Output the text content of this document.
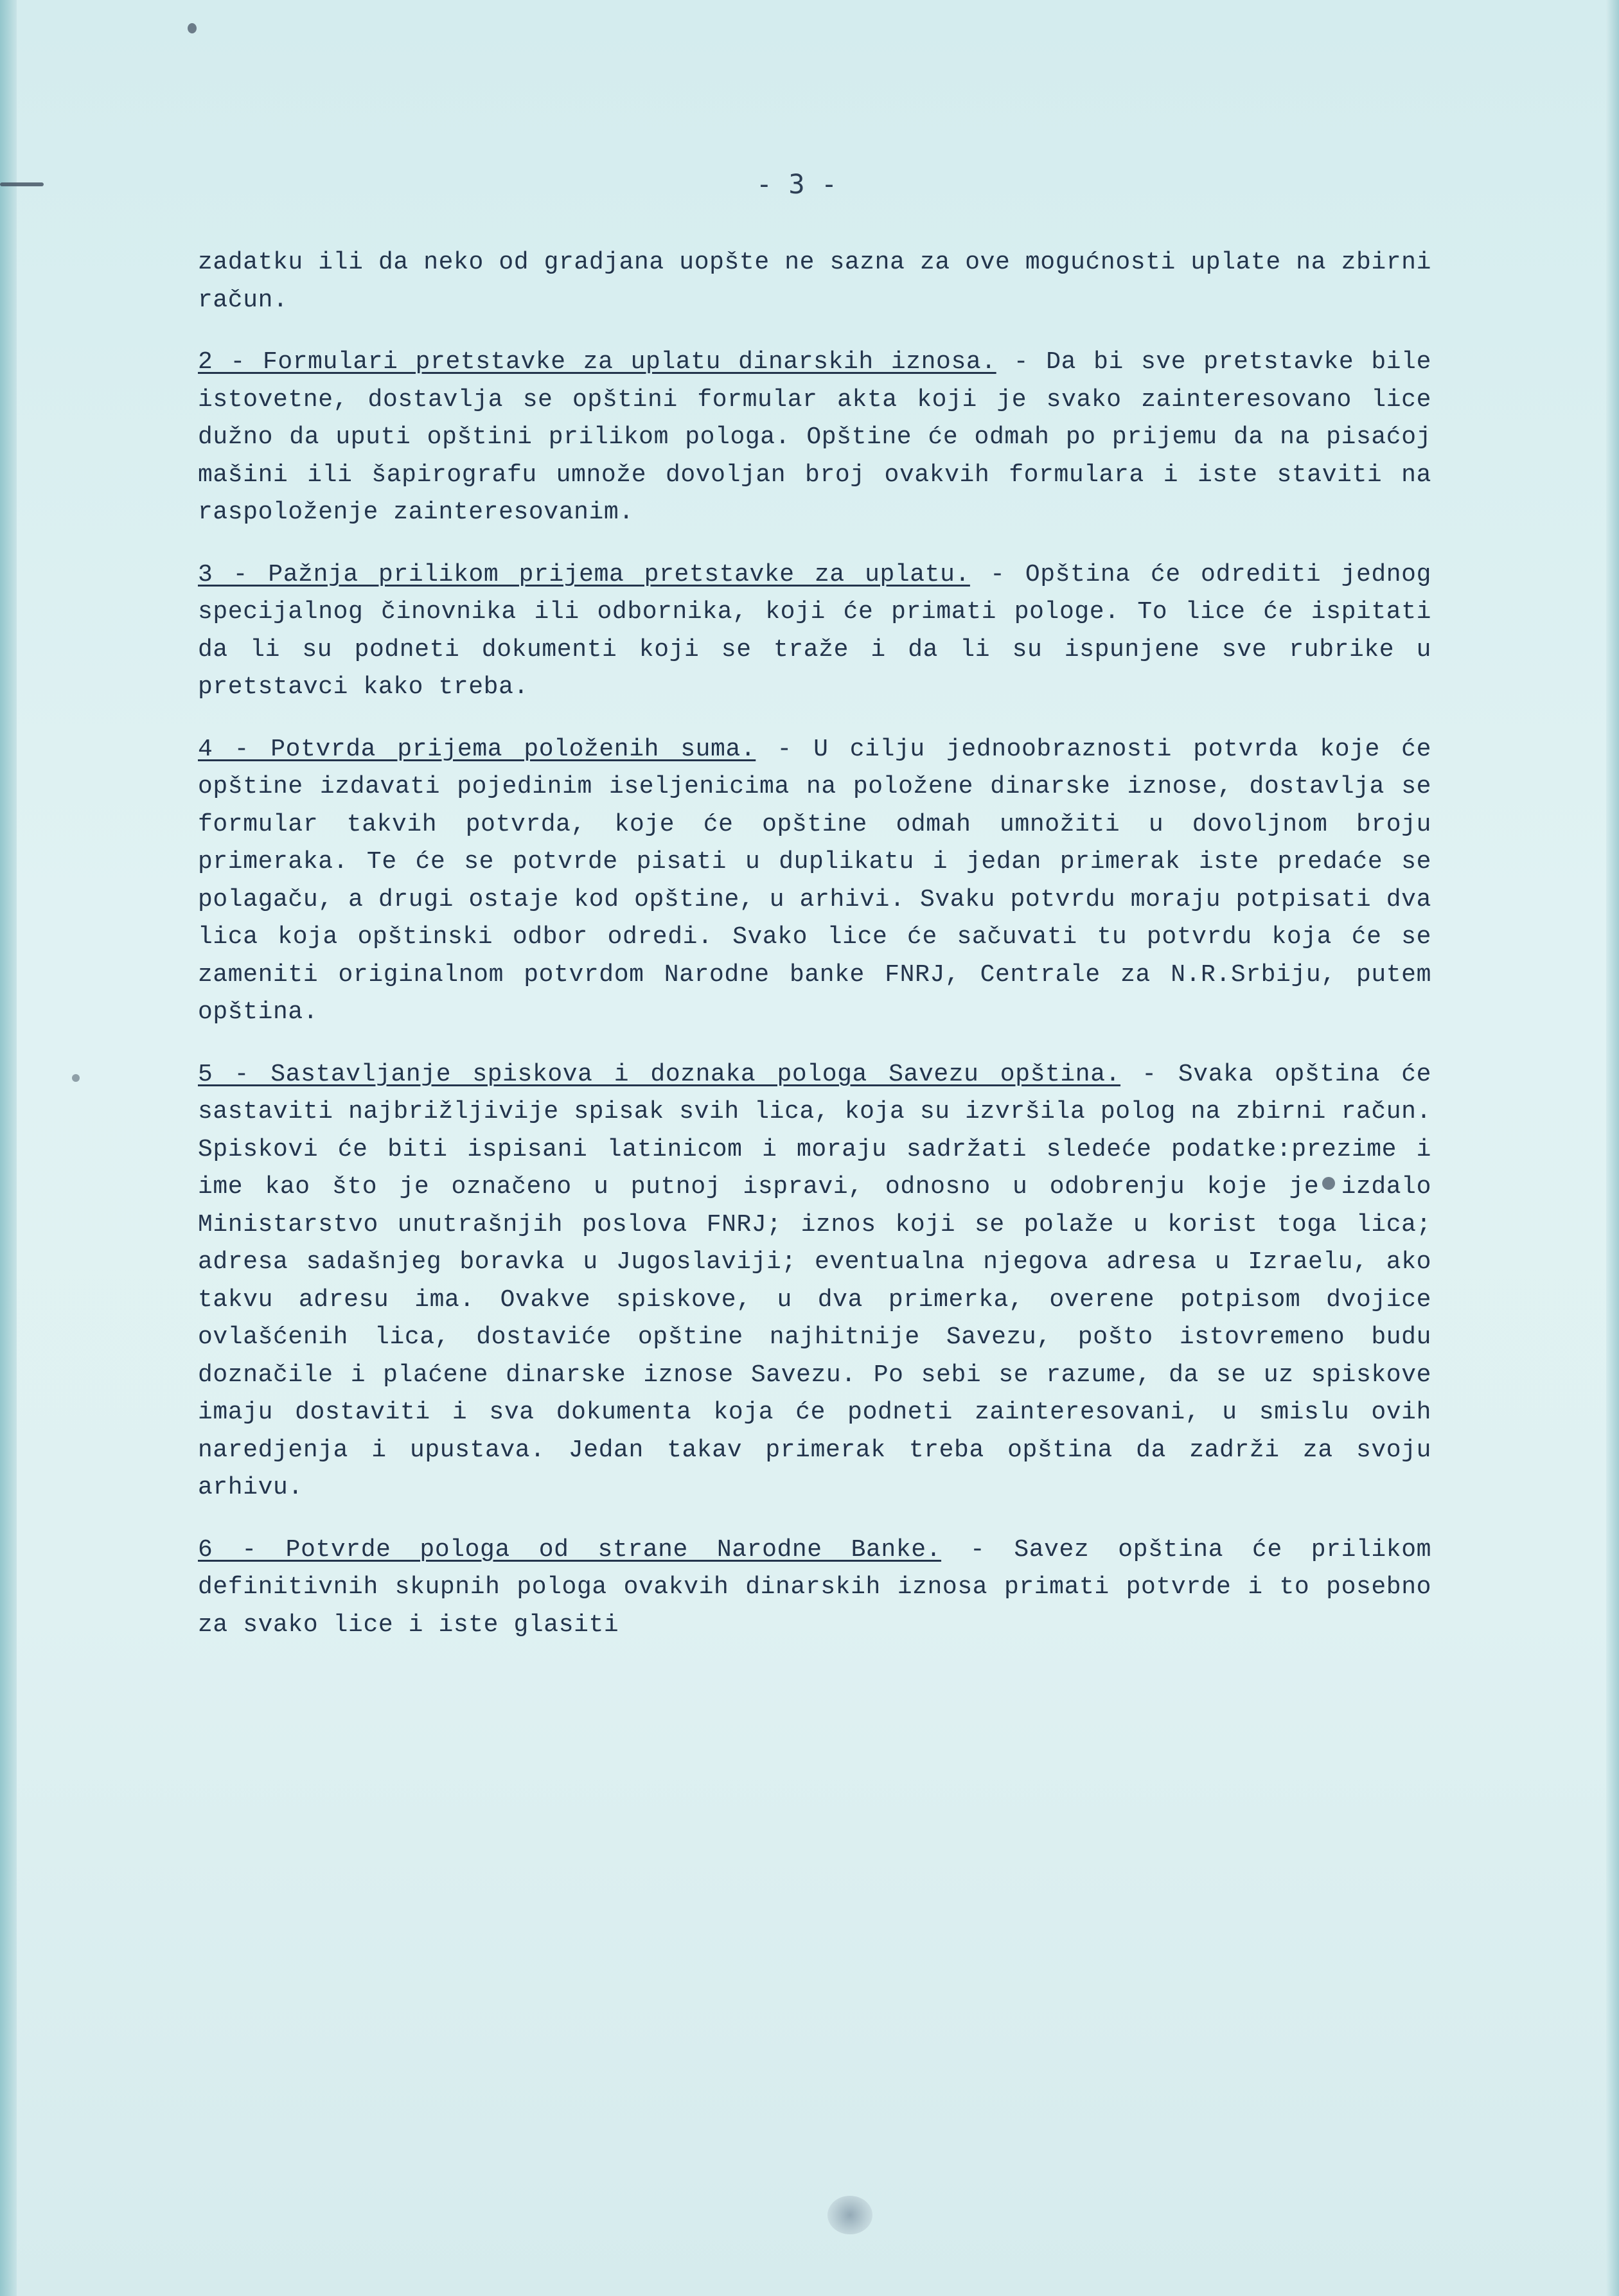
- 3 -

zadatku ili da neko od gradjana uopšte ne sazna za ove mogućnosti uplate na zbirni račun.

2 - Formulari pretstavke za uplatu dinarskih iznosa. - Da bi sve pretstavke bile istovetne, dostavlja se opštini formular akta koji je svako zainteresovano lice dužno da uputi opštini prilikom pologa. Opštine će odmah po prijemu da na pisaćoj mašini ili šapirografu umnože dovoljan broj ovakvih formulara i iste staviti na raspoloženje zainteresovanim.

3 - Pažnja prilikom prijema pretstavke za uplatu. - Opština će odrediti jednog specijalnog činovnika ili odbornika, koji će primati pologe. To lice će ispitati da li su podneti dokumenti koji se traže i da li su ispunjene sve rubrike u pretstavci kako treba.

4 - Potvrda prijema položenih suma. - U cilju jednoobraznosti potvrda koje će opštine izdavati pojedinim iseljenicima na položene dinarske iznose, dostavlja se formular takvih potvrda, koje će opštine odmah umnožiti u dovoljnom broju primeraka. Te će se potvrde pisati u duplikatu i jedan primerak iste predaće se polagaču, a drugi ostaje kod opštine, u arhivi. Svaku potvrdu moraju potpisati dva lica koja opštinski odbor odredi. Svako lice će sačuvati tu potvrdu koja će se zameniti originalnom potvrdom Narodne banke FNRJ, Centrale za N.R.Srbiju, putem opština.

5 - Sastavljanje spiskova i doznaka pologa Savezu opština. - Svaka opština će sastaviti najbrižljivije spisak svih lica, koja su izvršila polog na zbirni račun. Spiskovi će biti ispisani latinicom i moraju sadržati sledeće podatke:prezime i ime kao što je označeno u putnoj ispravi, odnosno u odobrenju koje je izdalo Ministarstvo unutrašnjih poslova FNRJ; iznos koji se polaže u korist toga lica; adresa sadašnjeg boravka u Jugoslaviji; eventualna njegova adresa u Izraelu, ako takvu adresu ima. Ovakve spiskove, u dva primerka, overene potpisom dvojice ovlašćenih lica, dostaviće opštine najhitnije Savezu, pošto istovremeno budu doznačile i plaćene dinarske iznose Savezu. Po sebi se razume, da se uz spiskove imaju dostaviti i sva dokumenta koja će podneti zainteresovani, u smislu ovih naredjenja i upustava. Jedan takav primerak treba opština da zadrži za svoju arhivu.

6 - Potvrde pologa od strane Narodne Banke. - Savez opština će prilikom definitivnih skupnih pologa ovakvih dinarskih iznosa primati potvrde i to posebno za svako lice i iste glasiti
